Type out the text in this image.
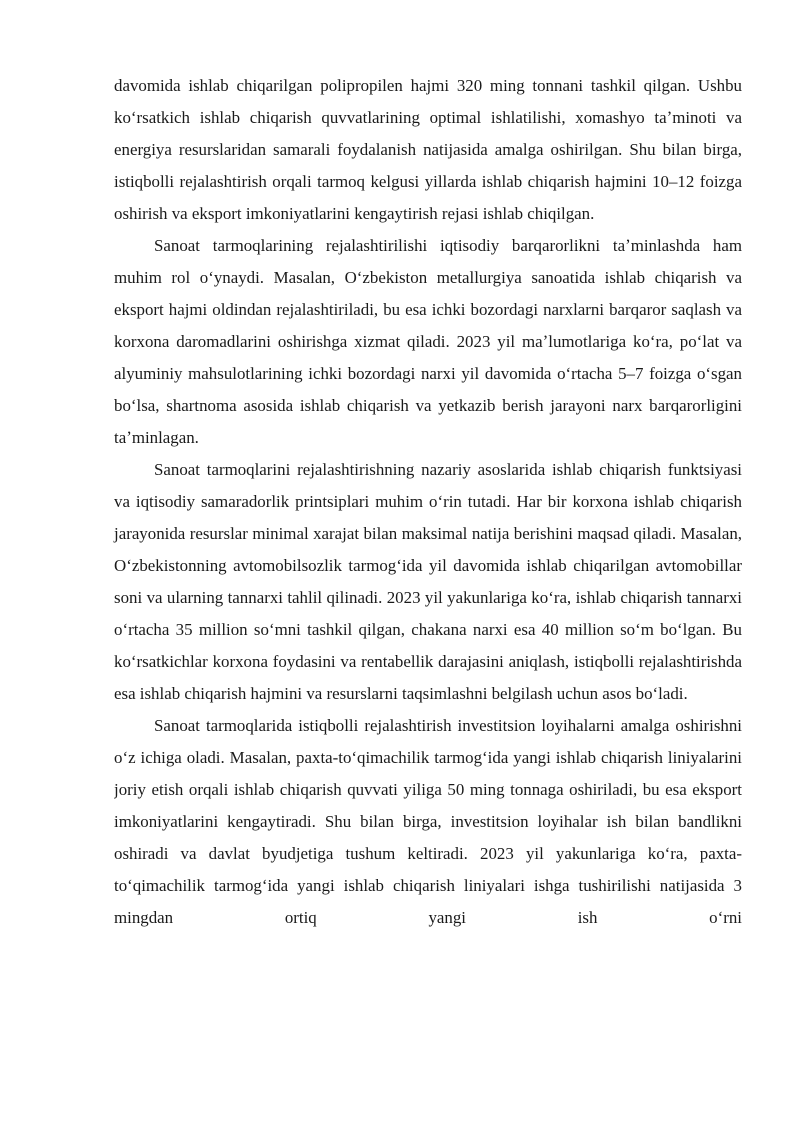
davomida ishlab chiqarilgan polipropilen hajmi 320 ming tonnani tashkil qilgan. Ushbu koʻrsatkich ishlab chiqarish quvvatlarining optimal ishlatilishi, xomashyo taʼminoti va energiya resurslaridan samarali foydalanish natijasida amalga oshirilgan. Shu bilan birga, istiqbolli rejalashtirish orqali tarmoq kelgusi yillarda ishlab chiqarish hajmini 10–12 foizga oshirish va eksport imkoniyatlarini kengaytirish rejasi ishlab chiqilgan.

Sanoat tarmoqlarining rejalashtirilishi iqtisodiy barqarorlikni taʼminlashda ham muhim rol oʻynaydi. Masalan, Oʻzbekiston metallurgiya sanoatida ishlab chiqarish va eksport hajmi oldindan rejalashtiriladi, bu esa ichki bozordagi narxlarni barqaror saqlash va korxona daromadlarini oshirishga xizmat qiladi. 2023 yil maʼlumotlariga koʻra, poʻlat va alyuminiy mahsulotlarining ichki bozordagi narxi yil davomida oʻrtacha 5–7 foizga oʻsgan boʻlsa, shartnoma asosida ishlab chiqarish va yetkazib berish jarayoni narx barqarorligini taʼminlagan.

Sanoat tarmoqlarini rejalashtirishning nazariy asoslarida ishlab chiqarish funktsiyasi va iqtisodiy samaradorlik printsiplari muhim oʻrin tutadi. Har bir korxona ishlab chiqarish jarayonida resurslar minimal xarajat bilan maksimal natija berishini maqsad qiladi. Masalan, Oʻzbekistonning avtomobilsozlik tarmogʻida yil davomida ishlab chiqarilgan avtomobillar soni va ularning tannarxi tahlil qilinadi. 2023 yil yakunlariga koʻra, ishlab chiqarish tannarxi oʻrtacha 35 million soʻmni tashkil qilgan, chakana narxi esa 40 million soʻm boʻlgan. Bu koʻrsatkichlar korxona foydasini va rentabellik darajasini aniqlash, istiqbolli rejalashtirishda esa ishlab chiqarish hajmini va resurslarni taqsimlashni belgilash uchun asos boʻladi.

Sanoat tarmoqlarida istiqbolli rejalashtirish investitsion loyihalarni amalga oshirishni oʻz ichiga oladi. Masalan, paxta-toʻqimachilik tarmogʻida yangi ishlab chiqarish liniyalarini joriy etish orqali ishlab chiqarish quvvati yiliga 50 ming tonnaga oshiriladi, bu esa eksport imkoniyatlarini kengaytiradi. Shu bilan birga, investitsion loyihalar ish bilan bandlikni oshiradi va davlat byudjetiga tushum keltiradi. 2023 yil yakunlariga koʻra, paxta-toʻqimachilik tarmogʻida yangi ishlab chiqarish liniyalari ishga tushirilishi natijasida 3 mingdan ortiq yangi ish oʻrni
